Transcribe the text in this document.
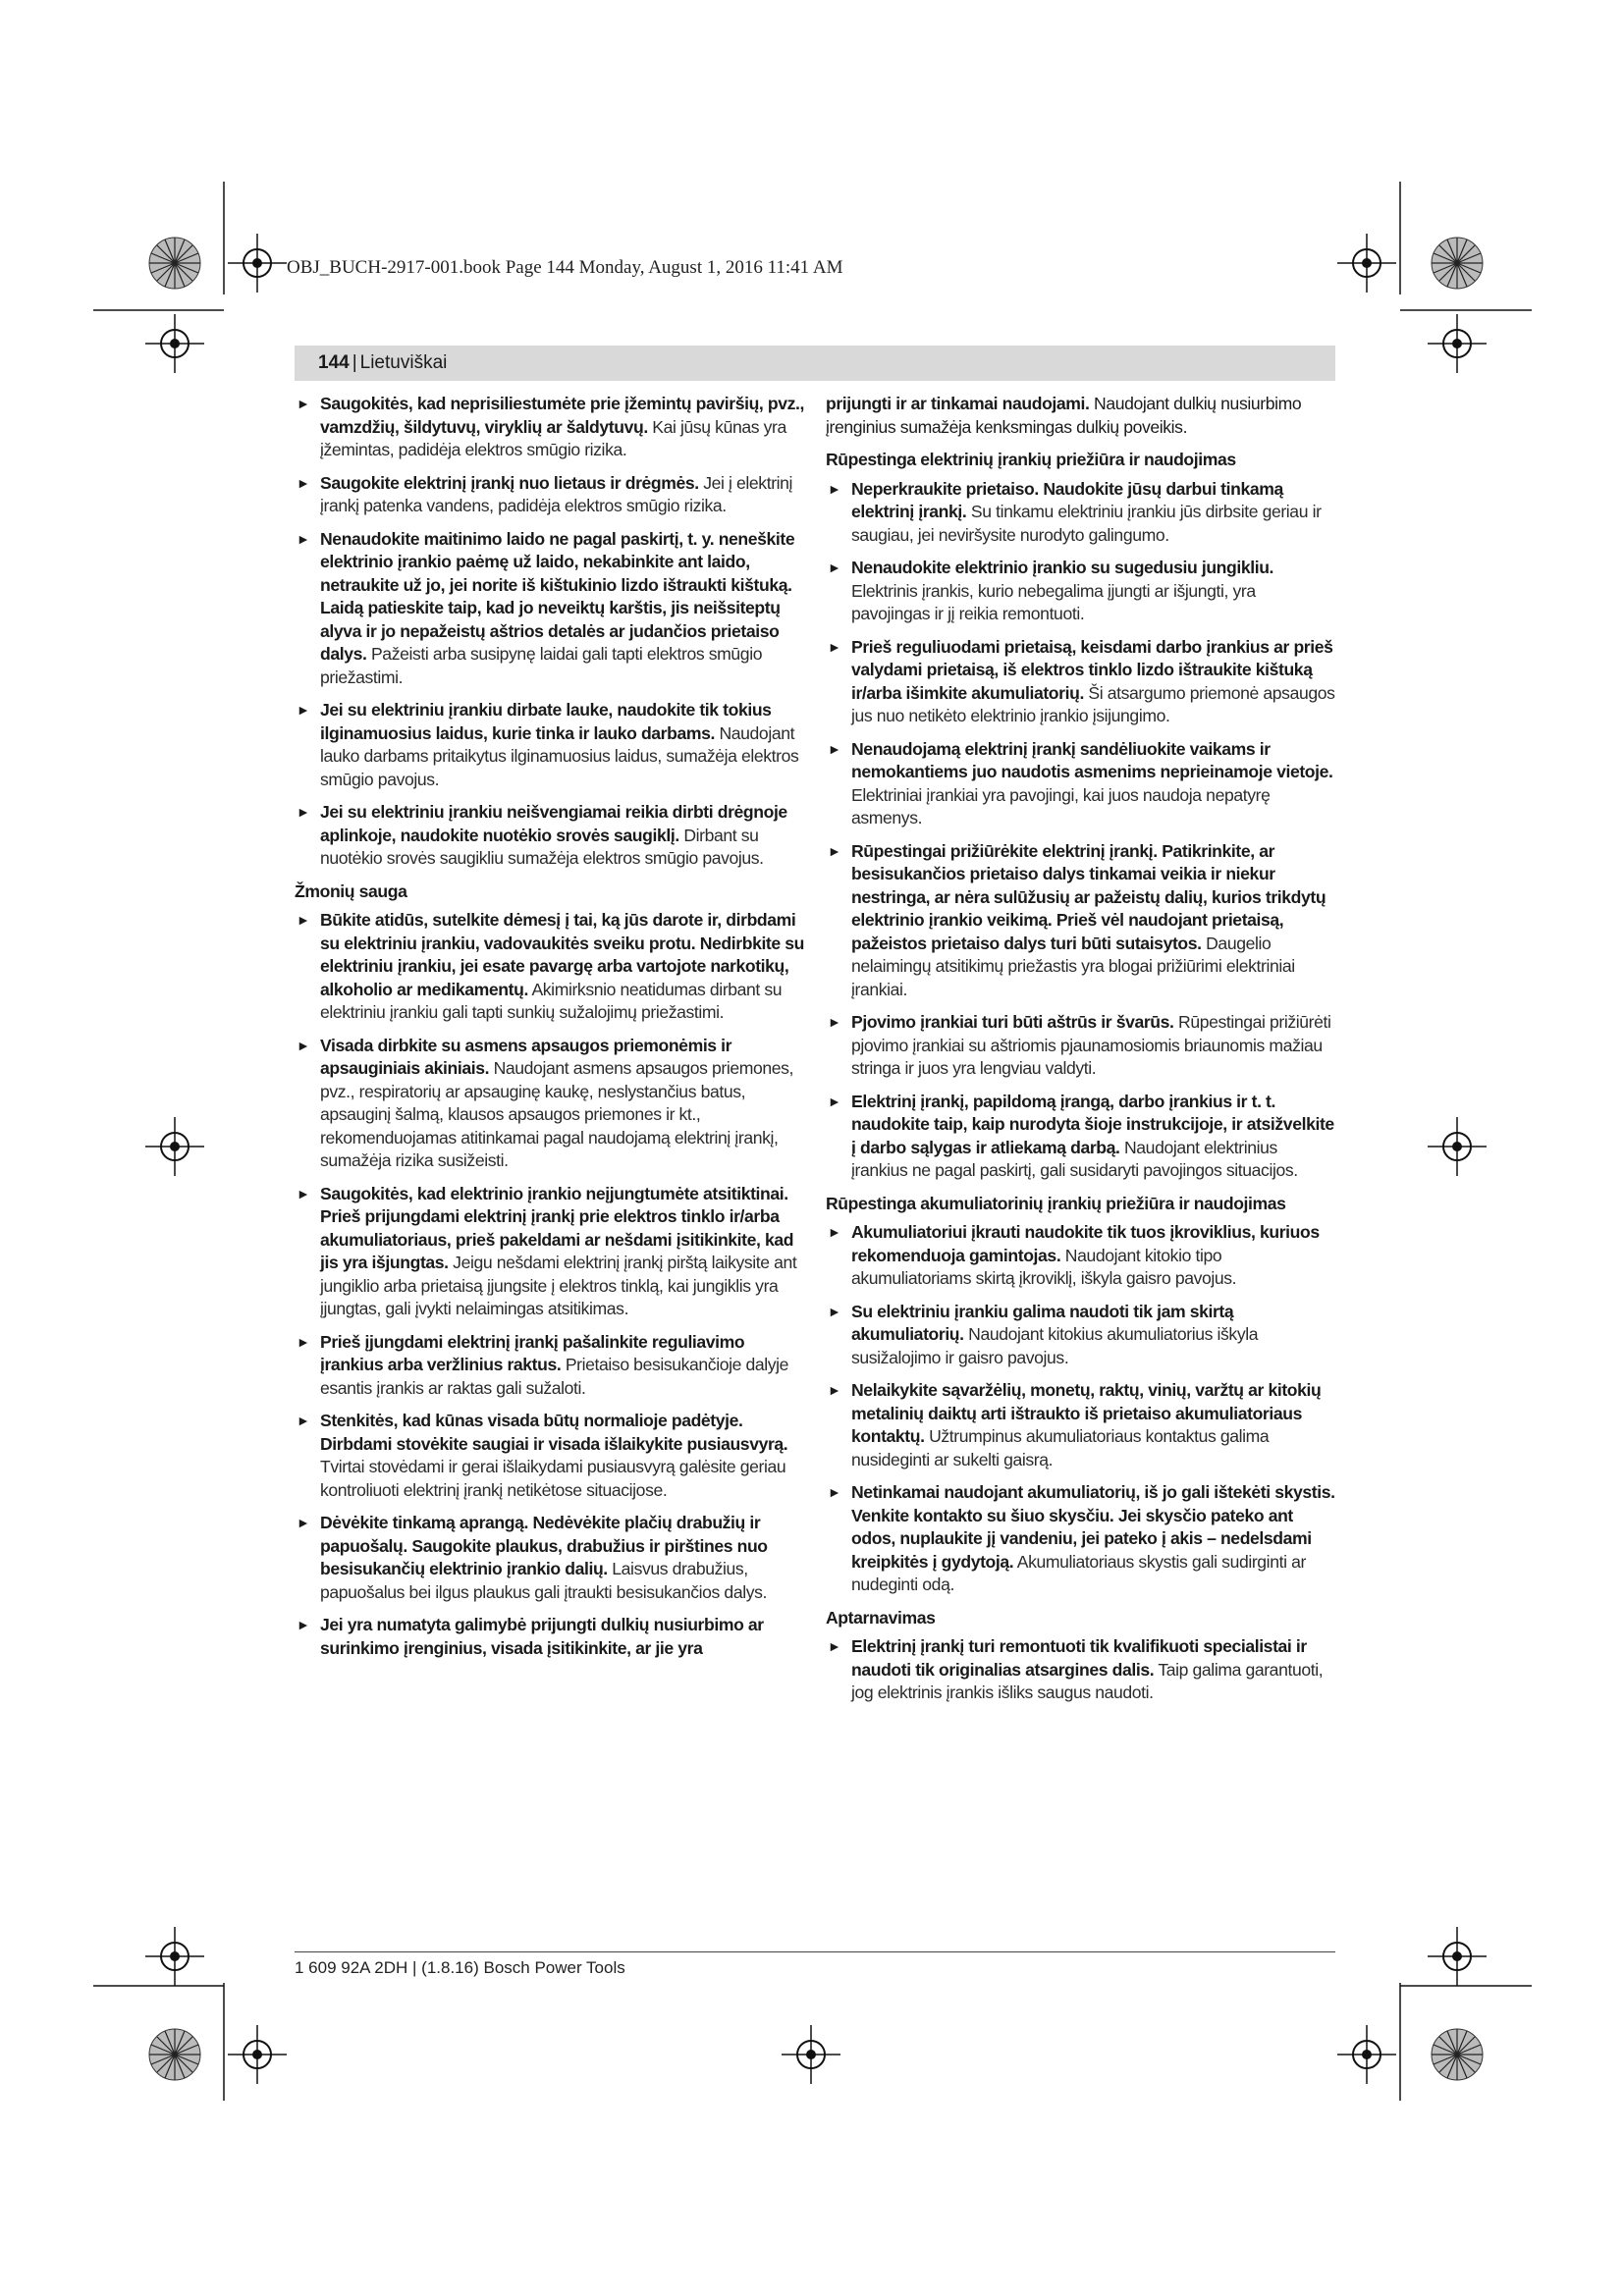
OBJ_BUCH-2917-001.book Page 144 Monday, August 1, 2016 11:41 AM
144 | Lietuviškai
► Saugokitės, kad neprisiliestumėte prie įžemintų paviršių, pvz., vamzdžių, šildytuvų, viryklių ar šaldytuvų. Kai jūsų kūnas yra įžemintas, padidėja elektros smūgio rizika.
► Saugokite elektrinį įrankį nuo lietaus ir drėgmės. Jei į elektrinį įrankį patenka vandens, padidėja elektros smūgio rizika.
► Nenaudokite maitinimo laido ne pagal paskirtį, t. y. neneškite elektrinio įrankio paėmę už laido, nekabinkite ant laido, netraukite už jo, jei norite iš kištukinio lizdo ištraukti kištuką. Laidą patieskite taip, kad jo neveiktų karštis, jis neišsiteptų alyva ir jo nepažeistų aštrios detalės ar judančios prietaiso dalys. Pažeisti arba susipynę laidai gali tapti elektros smūgio priežastimi.
► Jei su elektriniu įrankiu dirbate lauke, naudokite tik tokius ilginamuosius laidus, kurie tinka ir lauko darbams. Naudojant lauko darbams pritaikytus ilginamuosius laidus, sumažėja elektros smūgio pavojus.
► Jei su elektriniu įrankiu neišvengiamai reikia dirbti drėgnoje aplinkoje, naudokite nuotėkio srovės saugiklį. Dirbant su nuotėkio srovės saugikliu sumažėja elektros smūgio pavojus.
Žmonių sauga
► Būkite atidūs, sutelkite dėmesį į tai, ką jūs darote ir, dirbdami su elektriniu įrankiu, vadovaukitės sveiku protu. Nedirbkite su elektriniu įrankiu, jei esate pavargę arba vartojote narkotikų, alkoholio ar medikamentų. Akimirksnio neatidumas dirbant su elektriniu įrankiu gali tapti sunkių sužalojimų priežastimi.
► Visada dirbkite su asmens apsaugos priemonėmis ir apsauginiais akiniais. Naudojant asmens apsaugos priemones, pvz., respiratorių ar apsauginę kaukę, neslystančius batus, apsauginį šalmą, klausos apsaugos priemones ir kt., rekomenduojamas atitinkamai pagal naudojamą elektrinį įrankį, sumažėja rizika susižeisti.
► Saugokitės, kad elektrinio įrankio neįjungtumėte atsitiktinai. Prieš prijungdami elektrinį įrankį prie elektros tinklo ir/arba akumuliatoriaus, prieš pakeldami ar nešdami įsitikinkite, kad jis yra išjungtas. Jeigu nešdami elektrinį įrankį pirštą laikysite ant jungiklio arba prietaisą įjungsite į elektros tinklą, kai jungiklis yra įjungtas, gali įvykti nelaimingas atsitikimas.
► Prieš įjungdami elektrinį įrankį pašalinkite reguliavimo įrankius arba veržlinius raktus. Prietaiso besisukančioje dalyje esantis įrankis ar raktas gali sužaloti.
► Stenkitės, kad kūnas visada būtų normalioje padėtyje. Dirbdami stovėkite saugiai ir visada išlaikykite pusiausvyrą. Tvirtai stovėdami ir gerai išlaikydami pusiausvyrą galėsite geriau kontroliuoti elektrinį įrankį netikėtose situacijose.
► Dėvėkite tinkamą aprangą. Nedėvėkite plačių drabužių ir papuošalų. Saugokite plaukus, drabužius ir pirštines nuo besisukančių elektrinio įrankio dalių. Laisvus drabužius, papuošalus bei ilgus plaukus gali įtraukti besisukančios dalys.
► Jei yra numatyta galimybė prijungti dulkių nusiurbimo ar surinkimo įrenginius, visada įsitikinkite, ar jie yra
prijungti ir ar tinkamai naudojami. Naudojant dulkių nusiurbimo įrenginius sumažėja kenksmingas dulkių poveikis.
Rūpestinga elektrinių įrankių priežiūra ir naudojimas
► Neperkraukite prietaiso. Naudokite jūsų darbui tinkamą elektrinį įrankį. Su tinkamu elektriniu įrankiu jūs dirbsite geriau ir saugiau, jei neviršysite nurodyto galingumo.
► Nenaudokite elektrinio įrankio su sugedusiu jungikliu. Elektrinis įrankis, kurio nebegalima įjungti ar išjungti, yra pavojingas ir jį reikia remontuoti.
► Prieš reguliuodami prietaisą, keisdami darbo įrankius ar prieš valydami prietaisą, iš elektros tinklo lizdo ištraukite kištuką ir/arba išimkite akumuliatorių. Ši atsargumo priemonė apsaugos jus nuo netikėto elektrinio įrankio įsijungimo.
► Nenaudojamą elektrinį įrankį sandėliuokite vaikams ir nemokantiems juo naudotis asmenims neprieinamoje vietoje. Elektriniai įrankiai yra pavojingi, kai juos naudoja nepatyrę asmenys.
► Rūpestingai prižiūrėkite elektrinį įrankį. Patikrinkite, ar besisukančios prietaiso dalys tinkamai veikia ir niekur nestringa, ar nėra sulūžusių ar pažeistų dalių, kurios trikdytų elektrinio įrankio veikimą. Prieš vėl naudojant prietaisą, pažeistos prietaiso dalys turi būti sutaisytos. Daugelio nelaimingų atsitikimų priežastis yra blogai prižiūrimi elektriniai įrankiai.
► Pjovimo įrankiai turi būti aštrūs ir švarūs. Rūpestingai prižiūrėti pjovimo įrankiai su aštriomis pjaunamosiomis briaunomis mažiau stringa ir juos yra lengviau valdyti.
► Elektrinį įrankį, papildomą įrangą, darbo įrankius ir t. t. naudokite taip, kaip nurodyta šioje instrukcijoje, ir atsižvelkite į darbo sąlygas ir atliekamą darbą. Naudojant elektrinius įrankius ne pagal paskirtį, gali susidaryti pavojingos situacijos.
Rūpestinga akumuliatorinių įrankių priežiūra ir naudojimas
► Akumuliatoriui įkrauti naudokite tik tuos įkroviklius, kuriuos rekomenduoja gamintojas. Naudojant kitokio tipo akumuliatoriams skirtą įkroviklį, iškyla gaisro pavojus.
► Su elektriniu įrankiu galima naudoti tik jam skirtą akumuliatorių. Naudojant kitokius akumuliatorius iškyla susižalojimo ir gaisro pavojus.
► Nelaikykite sąvaržėlių, monetų, raktų, vinių, varžtų ar kitokių metalinių daiktų arti ištraukto iš prietaiso akumuliatoriaus kontaktų. Užtrumpinus akumuliatoriaus kontaktus galima nusideginti ar sukelti gaisrą.
► Netinkamai naudojant akumuliatorių, iš jo gali ištekėti skystis. Venkite kontakto su šiuo skysčiu. Jei skysčio pateko ant odos, nuplaukite jį vandeniu, jei pateko į akis – nedelsdami kreipkitės į gydytoją. Akumuliatoriaus skystis gali sudirginti ar nudeginti odą.
Aptarnavimas
► Elektrinį įrankį turi remontuoti tik kvalifikuoti specialistai ir naudoti tik originalias atsargines dalis. Taip galima garantuoti, jog elektrinis įrankis išliks saugus naudoti.
1 609 92A 2DH | (1.8.16) Bosch Power Tools
